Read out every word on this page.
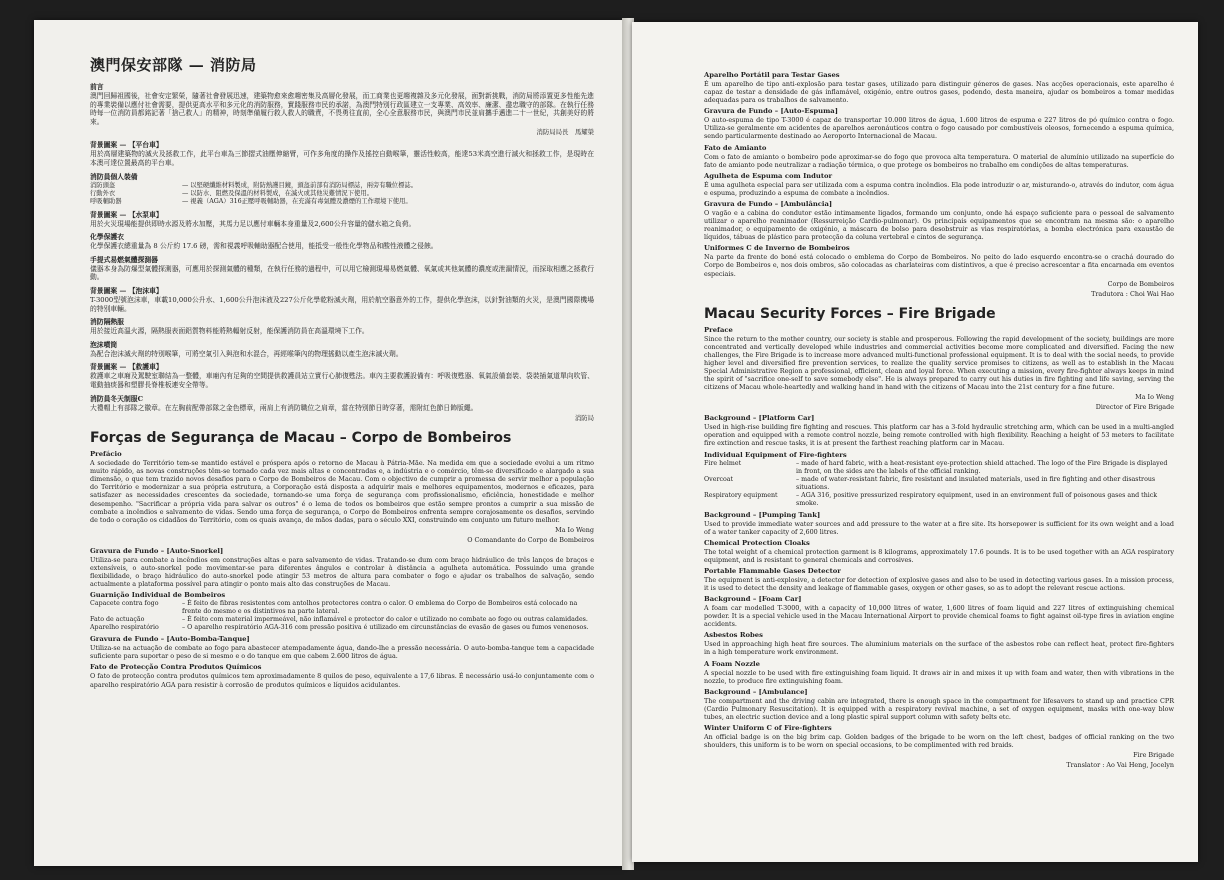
澳門保安部隊 — 消防局
前言

澳門回歸祖國後，社會安定繁榮，隨著社會發展迅速，建築物愈來愈趨密集及高層化發展，而工商業也更趨複雜及多元化發展，面對新挑戰，消防局將添置更多性能先進的專業裝備以應付社會需要，提供更高水平和多元化的消防服務，實踐服務市民的承諾，為澳門特別行政區建立一支專業、高效率、廉潔、盡忠職守的部隊。在執行任務時每一位消防員都銘記著「捨己救人」的精神，時刻準備履行救人救人的職責，不畏勇往直前，全心全意服務市民，與澳門市民並肩攜手邁進二十一世紀，共創美好的將來。

消防局局長　馬耀榮

背景圖案 — 【平台車】

用於高層建築物的滅火及拯救工作，此平台車為三節摺式油壓伸縮臂，可作多角度的操作及搖控自動喉筆，靈活性較高，能達53米高空進行滅火和拯救工作，是現時在本澳可達位置最高的平台車。

消防員個人裝備
消防頭盔	— 以堅硬纖維材料製成，附防熱護目鏡，頭盔前部有消防局標誌，兩旁有職位標誌。
行動外衣	— 以防水、阻燃及保溫的材料製成，在滅火或其他災難情況下使用。
呼吸輔助器	— 視義（AGA）316正壓呼吸輔助器，在充滿有毒氣體及濃煙的工作環境下使用。
背景圖案 — 【水泵車】

用於火災現場能提供即時水源及將水加壓，其馬力足以應付車輛本身重量及2,600公升容量的儲水箱之負荷。

化學保護衣

化學保護衣總重量為 8 公斤約 17.6 磅，需和視義呼吸輔助器配合使用，能抵受一般性化學物品和酸性液體之侵蝕。

手提式易燃氣體探測器

儀器本身為防爆型氣體探測器，可應用於探測氣體的種類，在執行任務的過程中，可以用它檢測現場易燃氣體、氧氣或其他氣體的濃度或泄漏情況，而採取相應之拯救行動。

背景圖案 — 【泡沫車】

T-3000型號泡沫車，車載10,000公升水、1,600公升泡沫液及227公斤化學乾粉滅火劑，用於航空器意外的工作，提供化學泡沫，以針對油類的火災，是澳門國際機場的特別車輛。

消防隔熱服

用於接近高溫火源，隔熱服表面鋁質物料能將熱輻射反射，能保護消防員在高溫環境下工作。

泡沫噴筒

為配合泡沫滅火劑的特別喉筆，可將空氣引入與泡和水混合，再經喉筆內的物理搖動以產生泡沫滅火劑。

背景圖案 — 【救護車】

救護車之車廂及駕駛室聯結為一整體，車廂內有足夠的空間提供救護員站立實行心肺復甦法。車內主要救護設備有：呼吸復甦器、氧氣設備套裝、袋裝插氣道單向吹管、電動抽痰器和塑膠長脊椎板連安全帶等。

消防員冬天制服C

大禮帽上有部隊之徽章。在左胸前配帶部隊之金色標章，兩肩上有消防職位之肩章，當在特別節日時穿著，需附紅色節日飾版繩。

消防局

Forças de Segurança de Macau – Corpo de Bombeiros
Prefácio

A sociedade do Território tem-se mantido estável e próspera após o retorno de Macau à Pátria-Mãe. Na medida em que a sociedade evolui a um ritmo muito rápido, as novas construções têm-se tornado cada vez mais altas e concentradas e, a indústria e o comércio, têm-se diversificado e alargado a sua dimensão, o que tem trazido novos desafios para o Corpo de Bombeiros de Macau. Com o objectivo de cumprir a promessa de servir melhor a população do Território e modernizar a sua própria estrutura, a Corporação está disposta a adquirir mais e melhores equipamentos, modernos e eficazes, para satisfazer as necessidades crescentes da sociedade, tornando-se uma força de segurança com profissionalismo, eficiência, honestidade e melhor desempenho. "Sacrificar a própria vida para salvar os outros" é o lema de todos os bombeiros que estão sempre prontos a cumprir a sua missão de combate a incêndios e salvamento de vidas. Sendo uma força de segurança, o Corpo de Bombeiros enfrenta sempre corajosamente os desafios, servindo de todo o coração os cidadãos do Território, com os quais avança, de mãos dadas, para o século XXI, construindo em conjunto um futuro melhor.

Ma Io Weng

O Comandante do Corpo de Bombeiros

Gravura de Fundo – [Auto-Snorkel]

Utiliza-se para combate a incêndios em construções altas e para salvamento de vidas. Tratando-se dum com braço hidráulico de três lanços de braços e extensíveis, o auto-snorkel pode movimentar-se para diferentes ângulos e controlar à distância a agulheta automática. Possuindo uma grande flexibilidade, o braço hidráulico do auto-snorkel pode atingir 53 metros de altura para combater o fogo e ajudar os trabalhos de salvação, sendo actualmente a plataforma possível para atingir o ponto mais alto das construções de Macau.

Guarnição Individual de Bombeiros
Capacete contra fogo	– É feito de fibras resistentes com antolhos protectores contra o calor. O emblema do Corpo de Bombeiros está colocado na frente do mesmo e os distintivos na parte lateral.
Fato de actuação	– É feito com material impermeável, não inflamável e protector do calor e utilizado no combate ao fogo ou outras calamidades.
Aparelho respiratório	– O aparelho respiratório AGA-316 com pressão positiva é utilizado em circunstâncias de evasão de gases ou fumos venenosos.
Gravura de Fundo – [Auto-Bomba-Tanque]

Utiliza-se na actuação de combate ao fogo para abastecer atempadamente água, dando-lhe a pressão necessária. O auto-bomba-tanque tem a capacidade suficiente para suportar o peso de si mesmo e o do tanque em que cabem 2.600 litros de água.

Fato de Protecção Contra Produtos Químicos

O fato de protecção contra produtos químicos tem aproximadamente 8 quilos de peso, equivalente a 17,6 libras. É necessário usá-lo conjuntamente com o aparelho respiratório AGA para resistir à corrosão de produtos químicos e líquidos acidulantes.

Aparelho Portátil para Testar Gases

É um aparelho de tipo anti-explosão para testar gases, utilizado para distinguir géneros de gases. Nas acções operacionais, este aparelho é capaz de testar a densidade de gás inflamável, oxigénio, entre outros gases, podendo, desta maneira, ajudar os bombeiros a tomar medidas adequadas para os trabalhos de salvamento.

Gravura de Fundo – [Auto-Espuma]

O auto-espuma de tipo T-3000 é capaz de transportar 10.000 litros de água, 1.600 litros de espuma e 227 litros de pó químico contra o fogo. Utiliza-se geralmente em acidentes de aparelhos aeronáuticos contra o fogo causado por combustíveis oleosos, fornecendo a espuma química, sendo particularmente destinado ao Aeroporto Internacional de Macau.

Fato de Amianto

Com o fato de amianto o bombeiro pode aproximar-se do fogo que provoca alta temperatura. O material de alumínio utilizado na superfície do fato de amianto pode neutralizar a radiação térmica, o que protege os bombeiros no trabalho em condições de altas temperaturas.

Agulheta de Espuma com Indutor

É uma agulheta especial para ser utilizada com a espuma contra incêndios. Ela pode introduzir o ar, misturando-o, através do indutor, com água e espuma, produzindo a espuma de combate a incêndios.

Gravura de Fundo – [Ambulância]

O vagão e a cabina do condutor estão intimamente ligados, formando um conjunto, onde há espaço suficiente para o pessoal de salvamento utilizar o aparelho reanimador (Ressurreição Cardio-pulmonar). Os principais equipamentos que se encontram na mesma são: o aparelho reanimador, o equipamento de oxigénio, a máscara de bolso para desobstruir as vias respiratórias, a bomba electrónica para exaustão de líquidos, tábuas de plástico para protecção da coluna vertebral e cintos de segurança.

Uniformes C de Inverno de Bombeiros

Na parte da frente do boné está colocado o emblema do Corpo de Bombeiros. No peito do lado esquerdo encontra-se o crachá dourado do Corpo de Bombeiros e, nos dois ombros, são colocadas as charlateiras com distintivos, a que é preciso acrescentar a fita encarnada em eventos especiais.

Corpo de Bombeiros

Tradutora : Choi Wai Hao

Macau Security Forces – Fire Brigade
Preface

Since the return to the mother country, our society is stable and prosperous. Following the rapid development of the society, buildings are more concentrated and vertically developed while industries and commercial activities become more complicated and diversified. Facing the new challenges, the Fire Brigade is to increase more advanced multi-functional professional equipment. It is to deal with the social needs, to provide higher level and diversified fire prevention services, to realize the quality service promises to citizens, as well as to establish in the Macau Special Administrative Region a professional, efficient, clean and loyal force. When executing a mission, every fire-fighter always keeps in mind the spirit of "sacrifice one-self to save somebody else". He is always prepared to carry out his duties in fire fighting and life saving, serving the citizens of Macau whole-heartedly and walking hand in hand with the citizens of Macau into the 21st century for a fine future.

Ma Io Weng

Director of Fire Brigade

Background – [Platform Car]

Used in high-rise building fire fighting and rescues. This platform car has a 3-fold hydraulic stretching arm, which can be used in a multi-angled operation and equipped with a remote control nozzle, being remote controlled with high flexibility. Reaching a height of 53 meters to facilitate fire extinction and rescue tasks, it is at present the farthest reaching platform car in Macau.

Individual Equipment of Fire-fighters
Fire helmet	– made of hard fabric, with a heat-resistant eye-protection shield attached. The logo of the Fire Brigade is displayed in front, on the sides are the labels of the official ranking.
Overcoat	– made of water-resistant fabric, fire resistant and insulated materials, used in fire fighting and other disastrous situations.
Respiratory equipment	– AGA 316, positive pressurized respiratory equipment, used in an environment full of poisonous gases and thick smoke.
Background – [Pumping Tank]

Used to provide immediate water sources and add pressure to the water at a fire site. Its horsepower is sufficient for its own weight and a load of a water tanker capacity of 2,600 litres.

Chemical Protection Cloaks

The total weight of a chemical protection garment is 8 kilograms, approximately 17.6 pounds. It is to be used together with an AGA respiratory equipment, and is resistant to general chemicals and corrosives.

Portable Flammable Gases Detector

The equipment is anti-explosive, a detector for detection of explosive gases and also to be used in detecting various gases. In a mission process, it is used to detect the density and leakage of flammable gases, oxygen or other gases, so as to adopt the relevant rescue actions.

Background – [Foam Car]

A foam car modelled T-3000, with a capacity of 10,000 litres of water, 1,600 litres of foam liquid and 227 litres of extinguishing chemical powder. It is a special vehicle used in the Macau International Airport to provide chemical foams to fight against oil-type fires in aviation engine accidents.

Asbestos Robes

Used in approaching high heat fire sources. The aluminium materials on the surface of the asbestos robe can reflect heat, protect fire-fighters in a high temperature work environment.

A Foam Nozzle

A special nozzle to be used with fire extinguishing foam liquid. It draws air in and mixes it up with foam and water, then with vibrations in the nozzle, to produce fire extinguishing foam.

Background – [Ambulance]

The compartment and the driving cabin are integrated, there is enough space in the compartment for lifesavers to stand up and practice CPR (Cardio Pulmonary Resuscitation). It is equipped with a respiratory revival machine, a set of oxygen equipment, masks with one-way blow tubes, an electric suction device and a long plastic spiral support column with safety belts etc.

Winter Uniform C of Fire-fighters

An official badge is on the big brim cap. Golden badges of the brigade to be worn on the left chest, badges of official ranking on the two shoulders, this uniform is to be worn on special occasions, to be complimented with red braids.

Fire Brigade

Translator : Ao Vai Heng, Jocelyn
